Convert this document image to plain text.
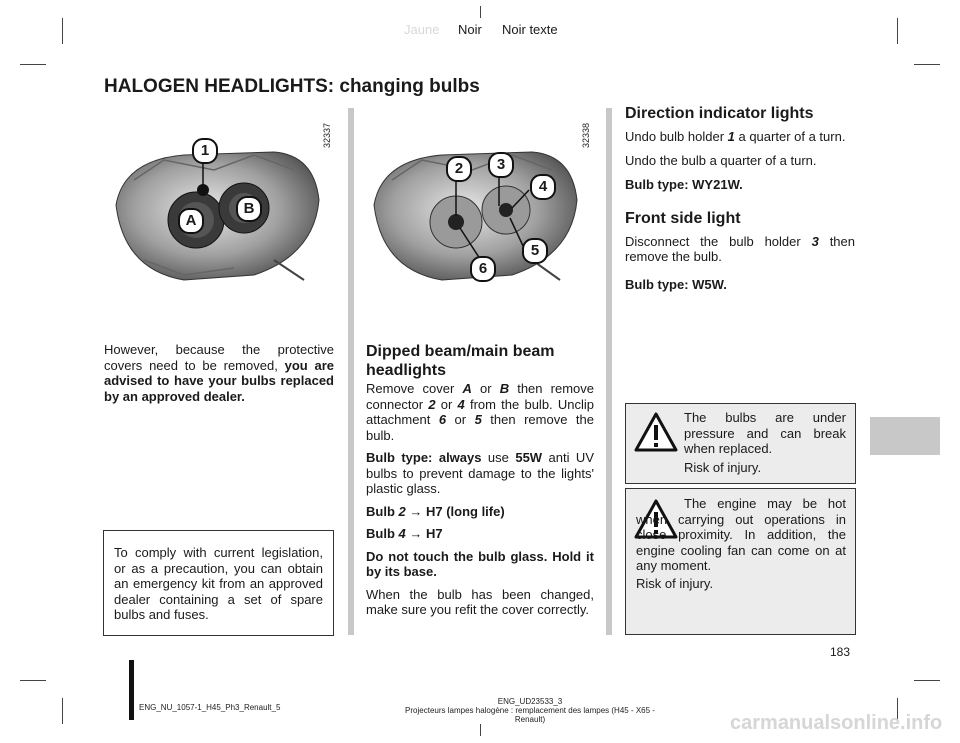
Jaune Noir Noir texte
HALOGEN HEADLIGHTS: changing bulbs
1
A
B
32337
2	3
4
5
6
32338

However, because the protective covers need to be removed, you are advised to have your bulbs replaced by an approved dealer.

To comply with current legislation, or as a precaution, you can obtain an emergency kit from an approved dealer containing a set of spare bulbs and fuses.

Dipped beam/main beam
headlights

Remove cover A or B then remove connector 2 or 4 from the bulb. Unclip attachment 6 or 5 then remove the bulb.

Bulb type: always use 55W anti UV bulbs to prevent damage to the lights' plastic glass.

Bulb 2 → H7 (long life)

Bulb 4 → H7

Do not touch the bulb glass. Hold it by its base.

When the bulb has been changed, make sure you refit the cover correctly.

Direction indicator lights

Undo bulb holder 1 a quarter of a turn.

Undo the bulb a quarter of a turn.

Bulb type: WY21W.

Front side light

Disconnect the bulb holder 3 then remove the bulb.

Bulb type: W5W.

The bulbs are under pressure and can break when replaced.

Risk of injury.

The engine may be hot when carrying out operations in close proximity. In addition, the engine cooling fan can come on at any moment.

Risk of injury.

183
ENG_NU_1057-1_H45_Ph3_Renault_5
ENG_UD23533_3
Projecteurs lampes halogène : remplacement des lampes (H45 - X65 - Renault)	carmanualsonline.info
